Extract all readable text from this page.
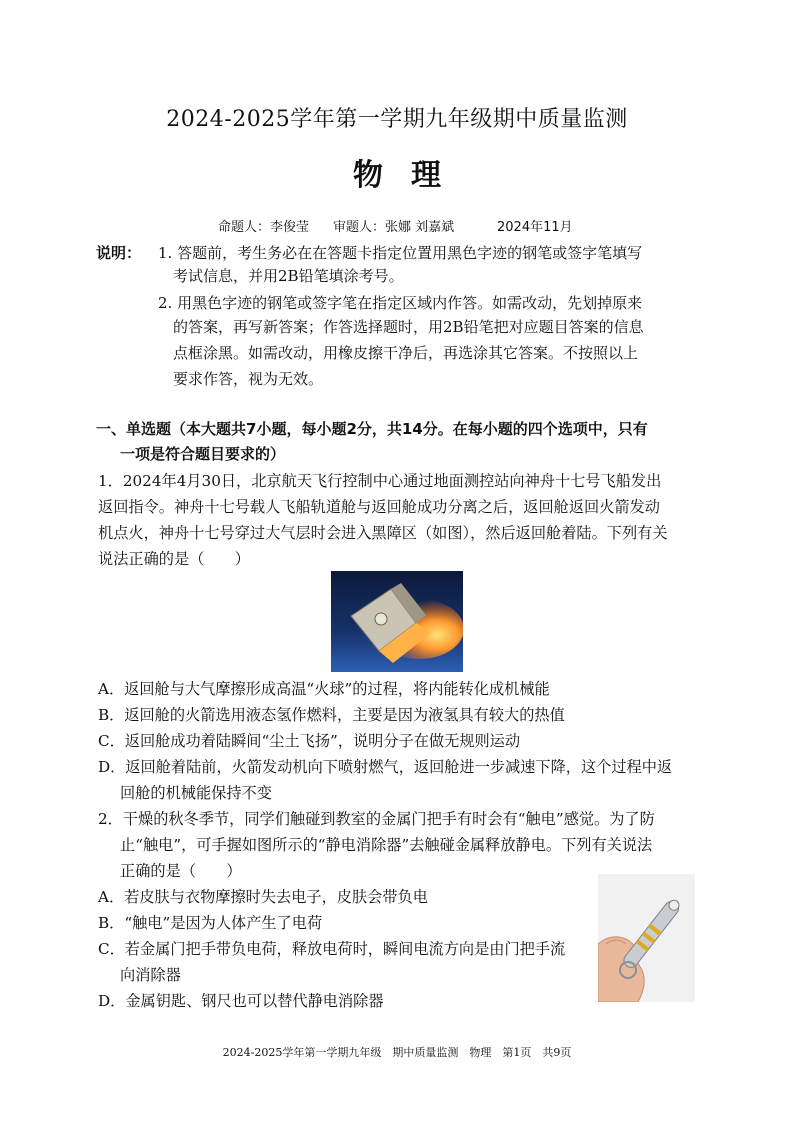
2024-2025学年第一学期九年级期中质量监测
物理
命题人：李俊莹 审题人：张娜 刘嘉斌	2024年11月
说明： 1. 答题前，考生务必在在答题卡指定位置用黑色字迹的钢笔或签字笔填写
考试信息，并用2B铅笔填涂考号。
2. 用黑色字迹的钢笔或签字笔在指定区域内作答。如需改动，先划掉原来
的答案，再写新答案；作答选择题时，用2B铅笔把对应题目答案的信息
点框涂黑。如需改动，用橡皮擦干净后，再选涂其它答案。不按照以上
要求作答，视为无效。
一、单选题（本大题共7小题，每小题2分，共14分。在每小题的四个选项中，只有
一项是符合题目要求的）
1．2024年4月30日，北京航天飞行控制中心通过地面测控站向神舟十七号飞船发出
返回指令。神舟十七号载人飞船轨道舱与返回舱成功分离之后，返回舱返回火箭发动
机点火，神舟十七号穿过大气层时会进入黑障区（如图），然后返回舱着陆。下列有关
说法正确的是（　　）
A．返回舱与大气摩擦形成高温“火球”的过程，将内能转化成机械能
B．返回舱的火箭选用液态氢作燃料，主要是因为液氢具有较大的热值
C．返回舱成功着陆瞬间“尘土飞扬”，说明分子在做无规则运动
D．返回舱着陆前，火箭发动机向下喷射燃气，返回舱进一步减速下降，这个过程中返
回舱的机械能保持不变
2．干燥的秋冬季节，同学们触碰到教室的金属门把手有时会有“触电”感觉。为了防
止“触电”，可手握如图所示的“静电消除器”去触碰金属释放静电。下列有关说法
正确的是（　　）
A．若皮肤与衣物摩擦时失去电子，皮肤会带负电
B．“触电”是因为人体产生了电荷
C．若金属门把手带负电荷，释放电荷时，瞬间电流方向是由门把手流
向消除器
D．金属钥匙、钢尺也可以替代静电消除器
2024-2025学年第一学期九年级　期中质量监测　物理　第1页　共9页
